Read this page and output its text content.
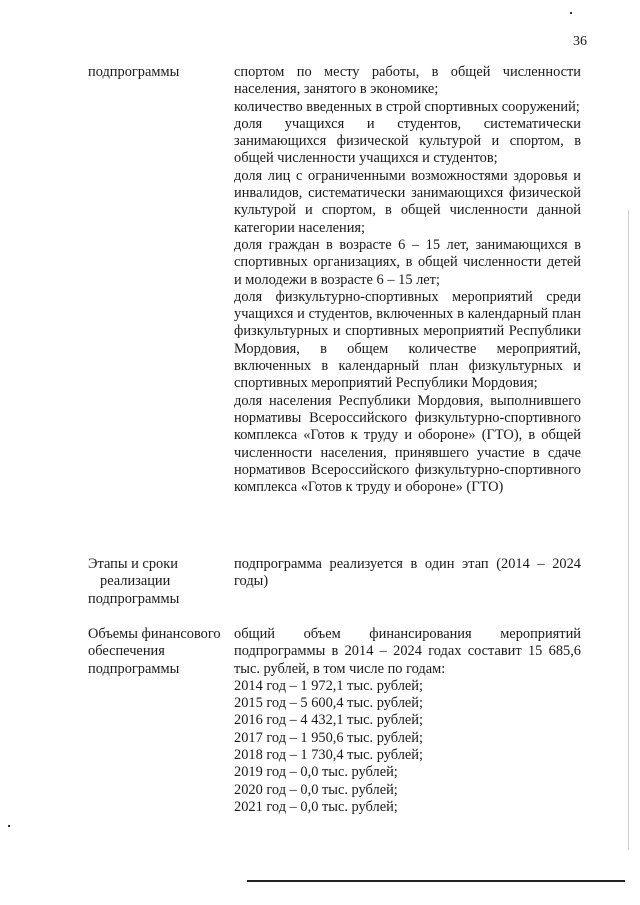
36
подпрограммы	спортом по месту работы, в общей численности населения, занятого в экономике;

количество введенных в строй спортивных сооружений;

доля учащихся и студентов, систематически занимающихся физической культурой и спортом, в общей численности учащихся и студентов;

доля лиц с ограниченными возможностями здоровья и инвалидов, систематически занимающихся физической культурой и спортом, в общей численности данной категории населения;

доля граждан в возрасте 6 – 15 лет, занимающихся в спортивных организациях, в общей численности детей и молодежи в возрасте 6 – 15 лет;

доля физкультурно-спортивных мероприятий среди учащихся и студентов, включенных в календарный план физкультурных и спортивных мероприятий Республики Мордовия, в общем количестве мероприятий, включенных в календарный план физкультурных и спортивных мероприятий Республики Мордовия;

доля населения Республики Мордовия, выполнившего нормативы Всероссийского физкультурно-спортивного комплекса «Готов к труду и обороне» (ГТО), в общей численности населения, принявшего участие в сдаче нормативов Всероссийского физкультурно-спортивного комплекса «Готов к труду и обороне» (ГТО)

Этапы и сроки
реализации
подпрограммы

подпрограмма реализуется в один этап (2014 – 2024 годы)

Объемы финансового
обеспечения
подпрограммы

общий объем финансирования мероприятий подпрограммы в 2014 – 2024 годах составит 15 685,6 тыс. рублей, в том числе по годам:

2014 год – 1 972,1 тыс. рублей;
2015 год – 5 600,4 тыс. рублей;
2016 год – 4 432,1 тыс. рублей;
2017 год – 1 950,6 тыс. рублей;
2018 год – 1 730,4 тыс. рублей;
2019 год – 0,0 тыс. рублей;
2020 год – 0,0 тыс. рублей;
2021 год – 0,0 тыс. рублей;
